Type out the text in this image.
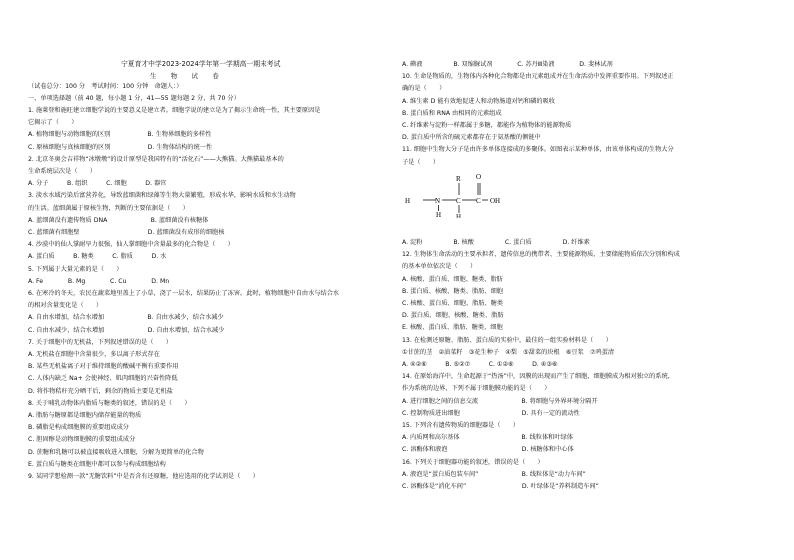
宁夏育才中学2023-2024学年第一学期高一期末考试
生　物　试　卷
（试卷总分：100 分　考试时间：100 分钟　命题人：）
一、单项选择题（前 40 题，每小题 1 分，41—55 题每题 2 分，共 70 分）
1. 施莱登和施旺建立细胞学说的主要意义是建立者。细胞学说的建立是为了揭示生命统一性，其主要原因是
它揭示了（　　）
A. 植物细胞与动物细胞的区别　　　　　　B. 生物界细胞的多样性
C. 原核细胞与真核细胞的区别　　　　　　D. 生物体结构的统一性
2. 北京冬奥会吉祥物“冰墩墩”的设计原型是我国特有的“活化石”——大熊猫。大熊猫最基本的
生命系统层次是（　　）
A. 分子　　　B. 组织　　　C. 细胞　　　D. 器官
3. 淡水水域污染后富营养化，导致蓝细菌和绿藻等生物大量繁殖，形成水华，影响水质和水生动物
的生活。蓝细菌属于原核生物，判断的主要依据是（　　）
A. 蓝细菌没有遗传物质 DNA　　　　　　　B. 蓝细菌没有核糖体
C. 蓝细菌有细胞壁　　　　　　　　　　　D. 蓝细菌没有成形的细胞核
4. 沙漠中的仙人掌耐旱力很强，仙人掌细胞中含量最多的化合物是（　　）
A. 蛋白质　　　B. 糖类　　　C. 脂质　　　D. 水
5. 下列属于大量元素的是（　　）
A. Fe　　　　B. Mg　　　　C. Cu　　　　D. Mn
6. 在寒冷的冬天，农民在蔬菜地里盖上了小草，浇了一层水，结果防止了冻害。此时，植物细胞中自由水与结合水
的相对含量变化是（　　）
A. 自由水增加，结合水增加　　　　　　　B. 自由水减少，结合水减少
C. 自由水减少，结合水增加　　　　　　　D. 自由水增加，结合水减少
7. 关于细胞中的无机盐，下列叙述错误的是（　　）
A. 无机盐在细胞中含量很少，多以离子形式存在
B. 某些无机盐离子对于维持细胞的酸碱平衡有重要作用
C. 人体内缺乏 Na+ 会使神经、肌肉细胞的兴奋性降低
D. 将作物秸秆充分晒干后，剩余的物质主要是无机盐
8. 关于哺乳动物体内脂质与糖类的叙述，错误的是（　　）
A. 脂肪与糖原都是细胞内储存能量的物质
B. 磷脂是构成细胞膜的重要组成成分
C. 胆固醇是动物细胞膜的重要组成成分
D. 蔗糖和乳糖可以被直接吸收进入细胞，分解为更简单的化合物
E. 蛋白质与糖类在细胞中都可以参与构成细胞结构
9. 某同学想检测一款“无糖饮料”中是否含有还原糖，他应选用的化学试剂是（　　）
A. 碘液　　　　　B. 双缩脲试剂　　　　C. 苏丹Ⅲ染液　　　　D. 斐林试剂
10. 生命是物质的，生物体内各种化合物都是由元素组成并在生命活动中发挥重要作用。下列叙述正
确的是（　　）
A. 维生素 D 能有效地促进人和动物肠道对钙和磷的吸收
B. 蛋白质和 RNA 由相同的元素组成
C. 纤维素与淀粉一样都属于多糖，都能作为植物体的能源物质
D. 蛋白质中所含的硫元素都存在于氨基酸的侧链中
11. 细胞中生物大分子是由许多单体连接成的多聚体。如图表示某种单体，由该单体构成的生物大分
子是（　　）
A. 淀粉　　　　　B. 核酸　　　　　C. 蛋白质　　　　　D. 纤维素
12. 生物体生命活动的主要承担者、遗传信息的携带者、主要能源物质、主要储能物质依次分别和构成
的基本单位依次是（　　）
A. 核酸、蛋白质、细胞、糖类、脂肪
B. 蛋白质、核酸、糖类、脂肪、细胞
C. 核酸、蛋白质、细胞、脂肪、糖类
D. 蛋白质、细胞、核酸、糖类、脂肪
E. 核酸、蛋白质、脂肪、糖类、细胞
13. 在检测还原糖、脂肪、蛋白质的实验中，最佳的一组实验材料是（　　）
①甘蔗的茎　②油菜籽　③花生种子　④梨　⑤甜菜的块根　⑥豆浆　⑦鸡蛋清
A. ④②⑥　　　B. ⑤②⑦　　　C. ①②⑥　　　D. ④③⑥
14. 在原始海洋中，生命起源于“热汤”中，因膜的出现而产生了细胞，细胞膜成为相对独立的系统，
作为系统的边界，下列不属于细胞膜功能的是（　　）
A. 进行细胞之间的信息交流　　　　　　　B. 将细胞与外界环境分隔开
C. 控制物质进出细胞　　　　　　　　　　D. 具有一定的流动性
15. 下列含有遗传物质的细胞器是（　　）
A. 内质网和高尔基体　　　　　　　　　　B. 线粒体和叶绿体
C. 溶酶体和液泡　　　　　　　　　　　　D. 核糖体和中心体
16. 下列关于细胞器功能的叙述，错误的是（　　）
A. 液泡是“蛋白质包装车间”　　　　　　　B. 线粒体是“动力车间”
C. 溶酶体是“消化车间”　　　　　　　　　D. 叶绿体是“养料制造车间”
R
H	N
H
C
H
C
O
OH
